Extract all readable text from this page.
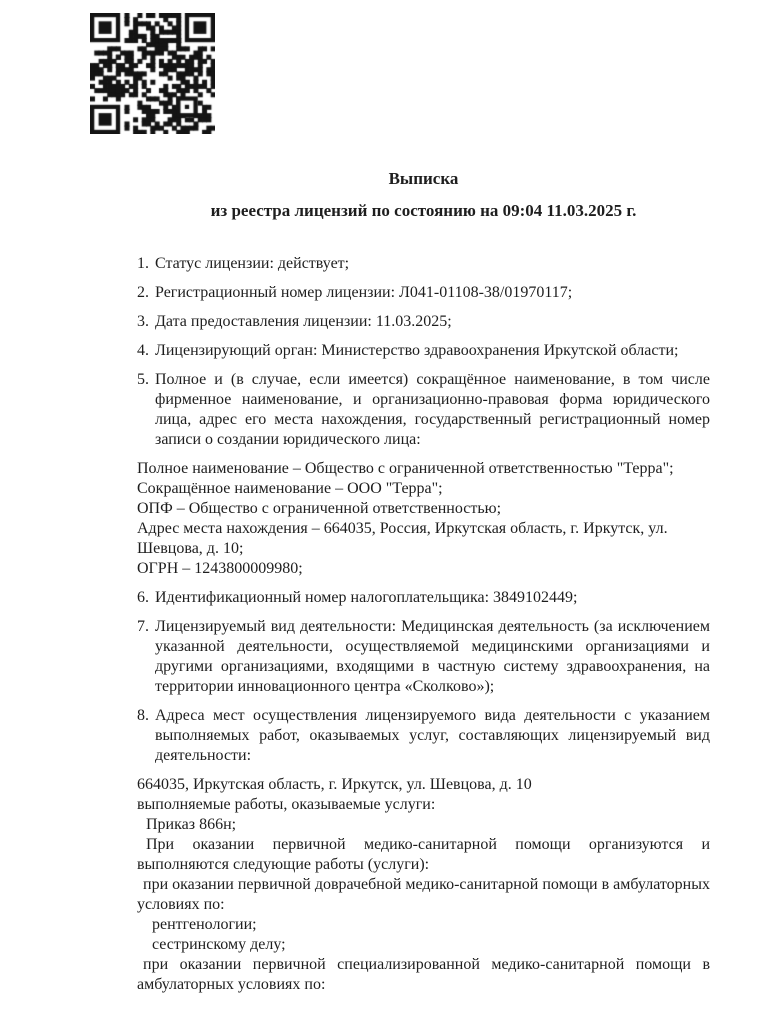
Выписка
из реестра лицензий по состоянию на 09:04 11.03.2025 г.
1. Статус лицензии: действует;
2. Регистрационный номер лицензии: Л041-01108-38/01970117;
3. Дата предоставления лицензии: 11.03.2025;
4. Лицензирующий орган: Министерство здравоохранения Иркутской области;
5. Полное и (в случае, если имеется) сокращённое наименование, в том числе фирменное наименование, и организационно-правовая форма юридического лица, адрес его места нахождения, государственный регистрационный номер записи о создании юридического лица:
Полное наименование – Общество с ограниченной ответственностью "Терра";
Сокращённое наименование – ООО "Терра";
ОПФ – Общество с ограниченной ответственностью;
Адрес места нахождения – 664035, Россия, Иркутская область, г. Иркутск, ул. Шевцова, д. 10;
ОГРН – 1243800009980;
6. Идентификационный номер налогоплательщика: 3849102449;
7. Лицензируемый вид деятельности: Медицинская деятельность (за исключением указанной деятельности, осуществляемой медицинскими организациями и другими организациями, входящими в частную систему здравоохранения, на территории инновационного центра «Сколково»);
8. Адреса мест осуществления лицензируемого вида деятельности с указанием выполняемых работ, оказываемых услуг, составляющих лицензируемый вид деятельности:
664035, Иркутская область, г. Иркутск, ул. Шевцова, д. 10
выполняемые работы, оказываемые услуги:
Приказ 866н;
При оказании первичной медико-санитарной помощи организуются и выполняются следующие работы (услуги):
при оказании первичной доврачебной медико-санитарной помощи в амбулаторных условиях по:
рентгенологии;
сестринскому делу;
при оказании первичной специализированной медико-санитарной помощи в амбулаторных условиях по:
